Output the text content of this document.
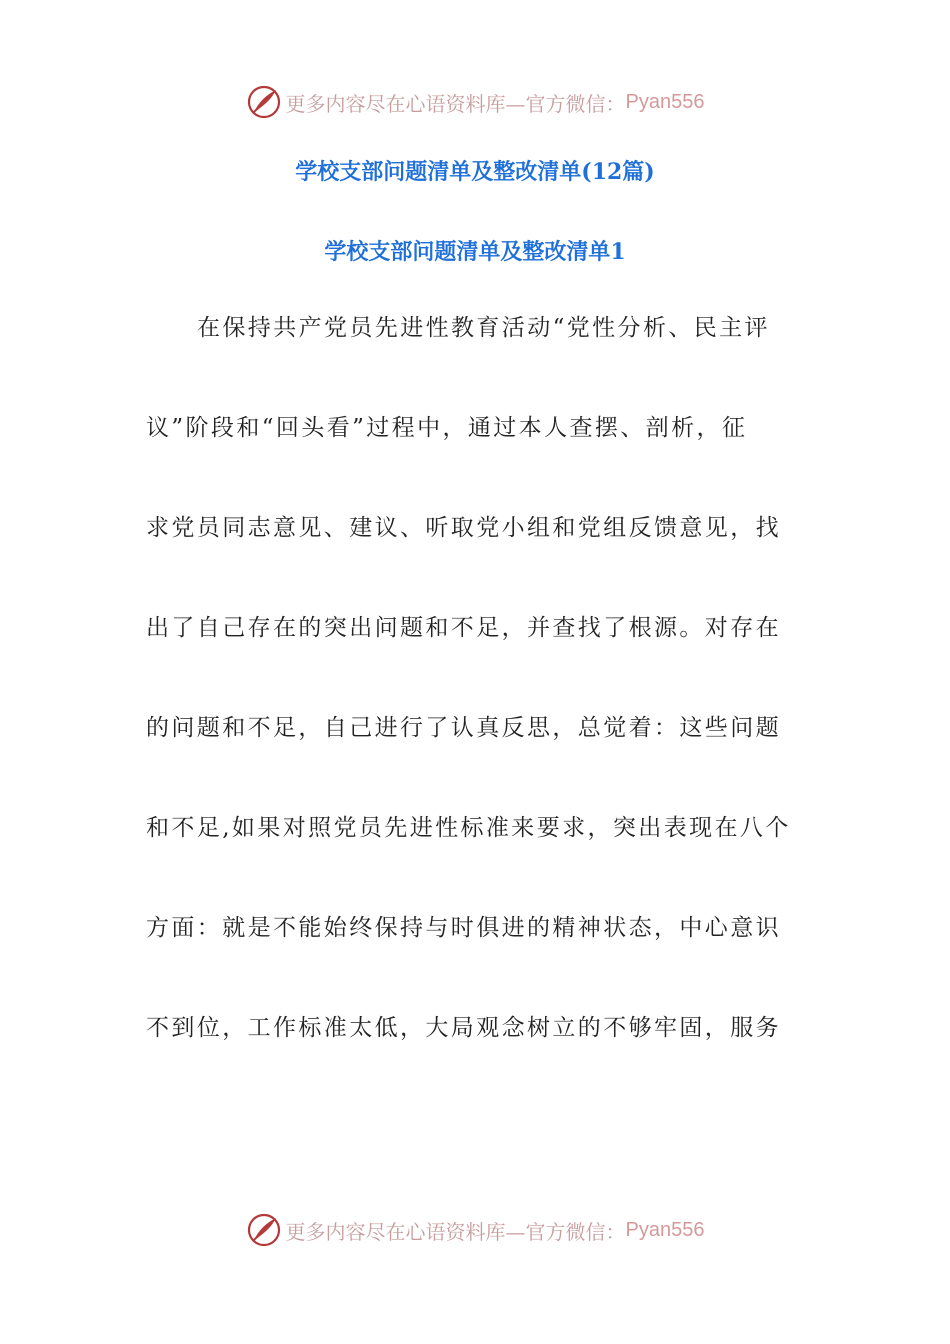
更多内容尽在心语资料库—官方微信： Pyan556
学校支部问题清单及整改清单(12篇)
学校支部问题清单及整改清单1
在保持共产党员先进性教育活动“党性分析、民主评
议”阶段和“回头看”过程中，通过本人查摆、剖析，征
求党员同志意见、建议、听取党小组和党组反馈意见，找
出了自己存在的突出问题和不足，并查找了根源。对存在
的问题和不足，自己进行了认真反思，总觉着：这些问题
和不足,如果对照党员先进性标准来要求，突出表现在八个
方面：就是不能始终保持与时俱进的精神状态，中心意识
不到位，工作标准太低，大局观念树立的不够牢固，服务
更多内容尽在心语资料库—官方微信： Pyan556
